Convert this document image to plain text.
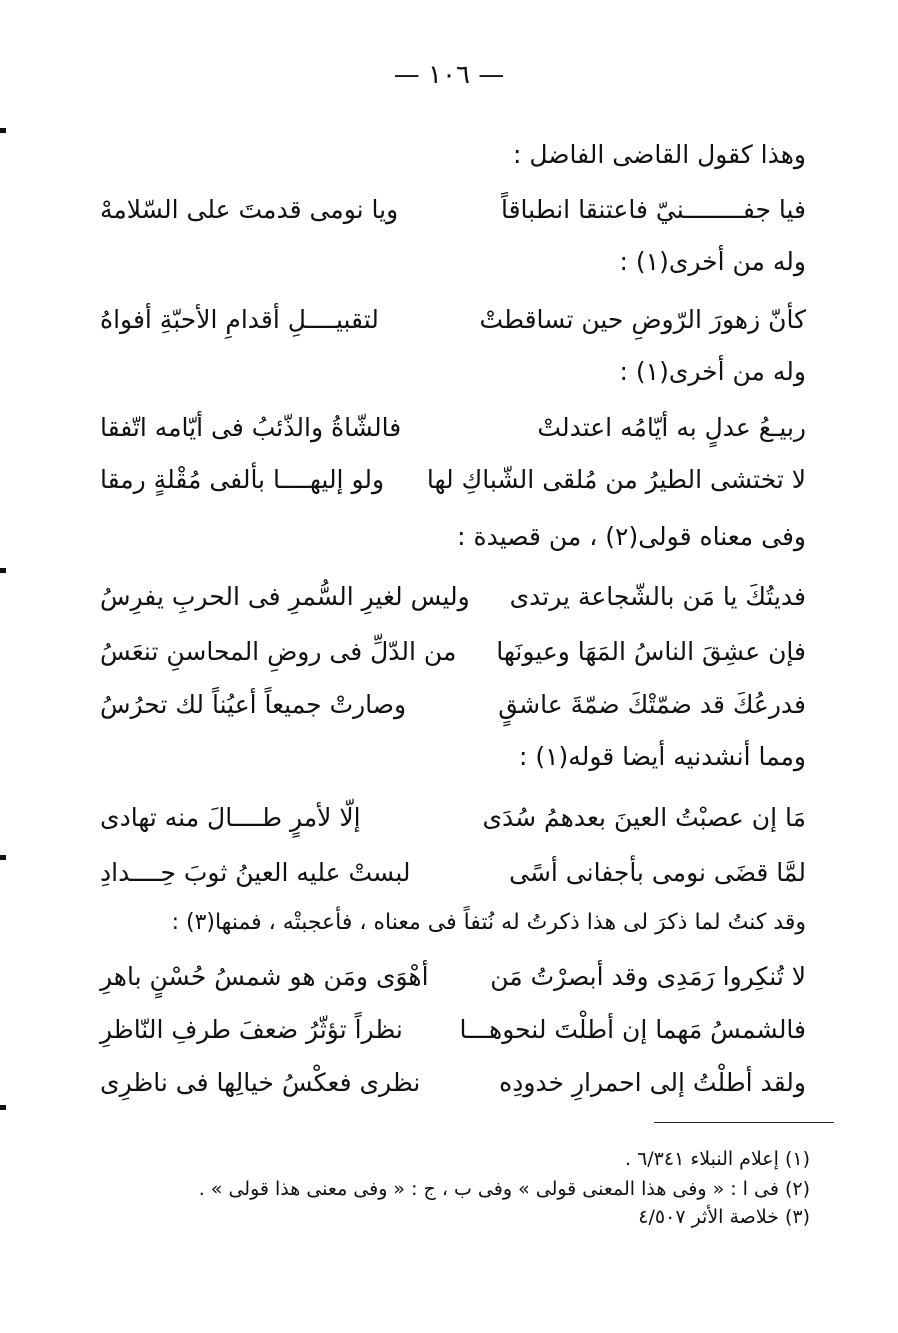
— ١٠٦ —
وهذا كقول القاضى الفاضل :
فيا جفــــــــنيّ فاعتنقا انطباقاً
ويا نومى قدمتَ على السّلامهْ
وله من أخرى(١) :
كأنّ زهورَ الرّوضِ حين تساقطتْ
لتقبيــــلِ أقدامِ الأحبّةِ أفواهُ
وله من أخرى(١) :
ربيـعُ عدلٍ به أيّامُه اعتدلتْ
فالشّاةُ والذّئبُ فى أيّامه اتّفقا
لا تختشى الطيرُ من مُلقى الشّباكِ لها
ولو إليهــــا بألفى مُقْلةٍ رمقا
وفى معناه قولى(٢) ، من قصيدة :
فديتُكَ يا مَن بالشّجاعة يرتدى
وليس لغيرِ السُّمرِ فى الحربِ يفرِسُ
فإن عشِقَ الناسُ المَهَا وعيونَها
من الدّلِّ فى روضِ المحاسنِ تنعَسُ
فدرعُكَ قد ضمّتْكَ ضمّةَ عاشقٍ
وصارتْ جميعاً أعيُناً لك تحرُسُ
ومما أنشدنيه أيضا قوله(١) :
مَا إن عصبْتُ العينَ بعدهمُ سُدَى
إلّا لأمرٍ طــــالَ منه تهادى
لمَّا قضَى نومى بأجفانى أسًى
لبستْ عليه العينُ ثوبَ حِــــدادِ
وقد كنتُ لما ذكرَ لى هذا ذكرتُ له نُتفاً فى معناه ، فأعجبتْه ، فمنها(٣) :
لا تُنكِروا رَمَدِى وقد أبصرْتُ مَن
أهْوَى ومَن هو شمسُ حُسْنٍ باهرِ
فالشمسُ مَهما إن أطلْتَ لنحوهـــا
نظراً تؤثّرُ ضعفَ طرفِ النّاظرِ
ولقد أطلْتُ إلى احمرارِ خدودِه
نظرى فعكْسُ خيالِها فى ناظرِى
(١) إعلام النبلاء ٦/٣٤١ .
(٢) فى ا : « وفى هذا المعنى قولى » وفى ب ، ج : « وفى معنى هذا قولى » .
(٣) خلاصة الأثر ٤/٥٠٧
